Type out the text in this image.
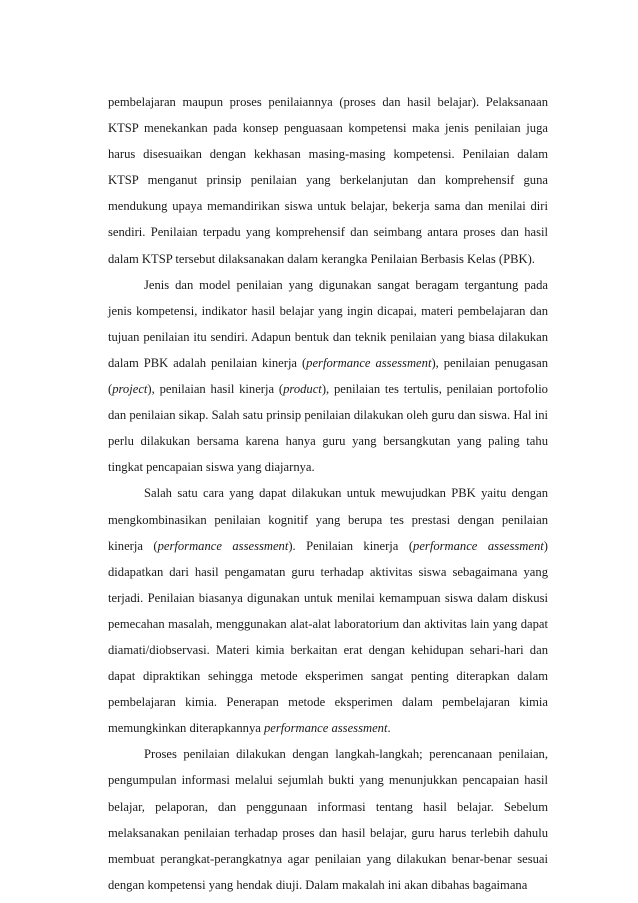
pembelajaran maupun proses penilaiannya (proses dan hasil belajar). Pelaksanaan KTSP menekankan pada konsep penguasaan kompetensi maka jenis penilaian juga harus disesuaikan dengan kekhasan masing-masing kompetensi. Penilaian dalam KTSP menganut prinsip penilaian yang berkelanjutan dan komprehensif guna mendukung upaya memandirikan siswa untuk belajar, bekerja sama dan menilai diri sendiri. Penilaian terpadu yang komprehensif dan seimbang antara proses dan hasil dalam KTSP tersebut dilaksanakan dalam kerangka Penilaian Berbasis Kelas (PBK).

Jenis dan model penilaian yang digunakan sangat beragam tergantung pada jenis kompetensi, indikator hasil belajar yang ingin dicapai, materi pembelajaran dan tujuan penilaian itu sendiri. Adapun bentuk dan teknik penilaian yang biasa dilakukan dalam PBK adalah penilaian kinerja (performance assessment), penilaian penugasan (project), penilaian hasil kinerja (product), penilaian tes tertulis, penilaian portofolio dan penilaian sikap. Salah satu prinsip penilaian dilakukan oleh guru dan siswa. Hal ini perlu dilakukan bersama karena hanya guru yang bersangkutan yang paling tahu tingkat pencapaian siswa yang diajarnya.

Salah satu cara yang dapat dilakukan untuk mewujudkan PBK yaitu dengan mengkombinasikan penilaian kognitif yang berupa tes prestasi dengan penilaian kinerja (performance assessment). Penilaian kinerja (performance assessment) didapatkan dari hasil pengamatan guru terhadap aktivitas siswa sebagaimana yang terjadi. Penilaian biasanya digunakan untuk menilai kemampuan siswa dalam diskusi pemecahan masalah, menggunakan alat-alat laboratorium dan aktivitas lain yang dapat diamati/diobservasi. Materi kimia berkaitan erat dengan kehidupan sehari-hari dan dapat dipraktikan sehingga metode eksperimen sangat penting diterapkan dalam pembelajaran kimia. Penerapan metode eksperimen dalam pembelajaran kimia memungkinkan diterapkannya performance assessment.

Proses penilaian dilakukan dengan langkah-langkah; perencanaan penilaian, pengumpulan informasi melalui sejumlah bukti yang menunjukkan pencapaian hasil belajar, pelaporan, dan penggunaan informasi tentang hasil belajar. Sebelum melaksanakan penilaian terhadap proses dan hasil belajar, guru harus terlebih dahulu membuat perangkat-perangkatnya agar penilaian yang dilakukan benar-benar sesuai dengan kompetensi yang hendak diuji. Dalam makalah ini akan dibahas bagaimana
